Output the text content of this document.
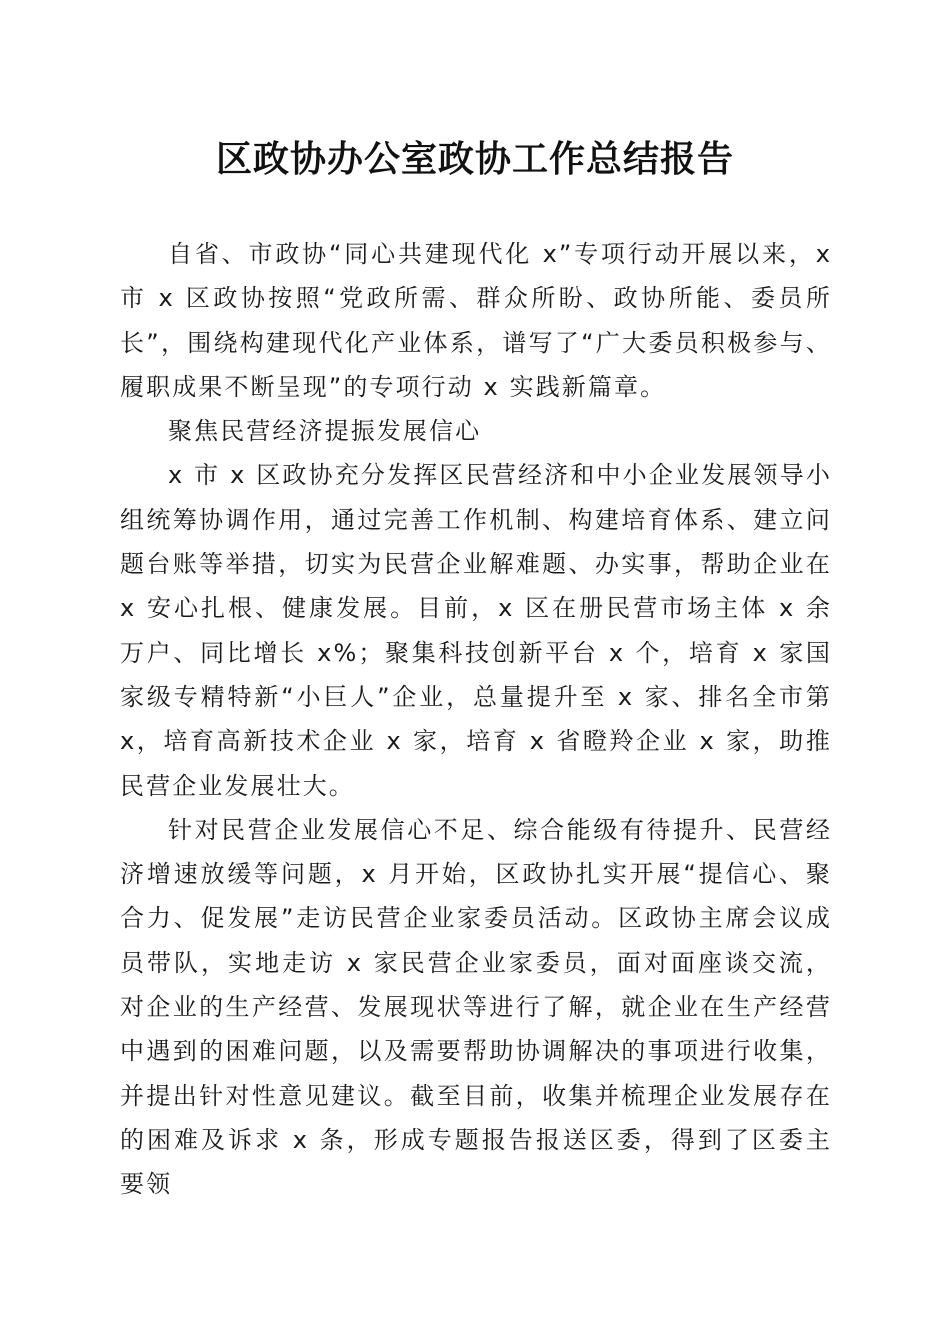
区政协办公室政协工作总结报告

自省、市政协“同心共建现代化 x”专项行动开展以来，x 市 x 区政协按照“党政所需、群众所盼、政协所能、委员所长”，围绕构建现代化产业体系，谱写了“广大委员积极参与、履职成果不断呈现”的专项行动 x 实践新篇章。

聚焦民营经济提振发展信心

x 市 x 区政协充分发挥区民营经济和中小企业发展领导小组统筹协调作用，通过完善工作机制、构建培育体系、建立问题台账等举措，切实为民营企业解难题、办实事，帮助企业在 x 安心扎根、健康发展。目前，x 区在册民营市场主体 x 余万户、同比增长 x%；聚集科技创新平台 x 个，培育 x 家国家级专精特新“小巨人”企业，总量提升至 x 家、排名全市第 x，培育高新技术企业 x 家，培育 x 省瞪羚企业 x 家，助推民营企业发展壮大。

针对民营企业发展信心不足、综合能级有待提升、民营经济增速放缓等问题，x 月开始，区政协扎实开展“提信心、聚合力、促发展”走访民营企业家委员活动。区政协主席会议成员带队，实地走访 x 家民营企业家委员，面对面座谈交流，对企业的生产经营、发展现状等进行了解，就企业在生产经营中遇到的困难问题，以及需要帮助协调解决的事项进行收集，并提出针对性意见建议。截至目前，收集并梳理企业发展存在的困难及诉求 x 条，形成专题报告报送区委，得到了区委主要领
